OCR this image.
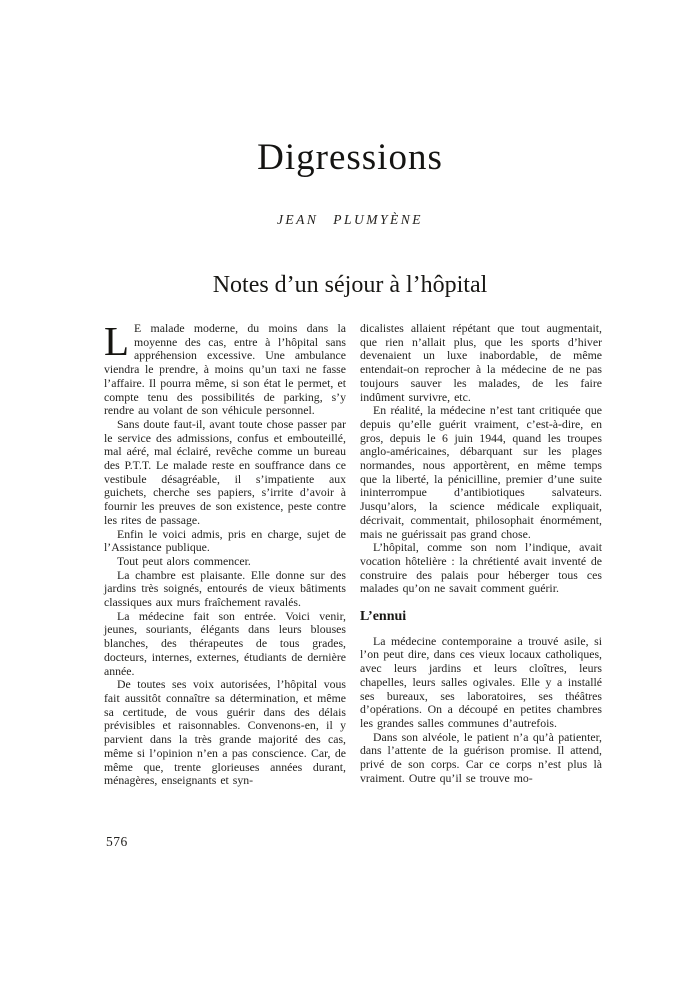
Digressions
JEAN PLUMYÈNE
Notes d’un séjour à l’hôpital

L E malade moderne, du moins dans la moyenne des cas, entre à l’hôpital sans appréhension excessive. Une ambulance viendra le prendre, à moins qu’un taxi ne fasse l’affaire. Il pourra même, si son état le permet, et compte tenu des possibilités de parking, s’y rendre au volant de son véhicule personnel.

Sans doute faut-il, avant toute chose passer par le service des admissions, confus et embouteillé, mal aéré, mal éclairé, revêche comme un bureau des P.T.T. Le malade reste en souffrance dans ce vestibule désagréable, il s’impatiente aux guichets, cherche ses papiers, s’irrite d’avoir à fournir les preuves de son existence, peste contre les rites de passage.

Enfin le voici admis, pris en charge, sujet de l’Assistance publique.

Tout peut alors commencer.

La chambre est plaisante. Elle donne sur des jardins très soignés, entourés de vieux bâtiments classiques aux murs fraîchement ravalés.

La médecine fait son entrée. Voici venir, jeunes, souriants, élégants dans leurs blouses blanches, des thérapeutes de tous grades, docteurs, internes, externes, étudiants de dernière année.

De toutes ses voix autorisées, l’hôpital vous fait aussitôt connaître sa détermination, et même sa certitude, de vous guérir dans des délais prévisibles et raisonnables. Convenons-en, il y parvient dans la très grande majorité des cas, même si l’opinion n’en a pas conscience. Car, de même que, trente glorieuses années durant, ménagères, enseignants et syn-

dicalistes allaient répétant que tout augmentait, que rien n’allait plus, que les sports d’hiver devenaient un luxe inabordable, de même entendait-on reprocher à la médecine de ne pas toujours sauver les malades, de les faire indûment survivre, etc.

En réalité, la médecine n’est tant critiquée que depuis qu’elle guérit vraiment, c’est-à-dire, en gros, depuis le 6 juin 1944, quand les troupes anglo-américaines, débarquant sur les plages normandes, nous apportèrent, en même temps que la liberté, la pénicilline, premier d’une suite ininterrompue d’antibiotiques salvateurs. Jusqu’alors, la science médicale expliquait, décrivait, commentait, philosophait énormément, mais ne guérissait pas grand chose.

L’hôpital, comme son nom l’indique, avait vocation hôtelière : la chrétienté avait inventé de construire des palais pour héberger tous ces malades qu’on ne savait comment guérir.

L’ennui

La médecine contemporaine a trouvé asile, si l’on peut dire, dans ces vieux locaux catholiques, avec leurs jardins et leurs cloîtres, leurs chapelles, leurs salles ogivales. Elle y a installé ses bureaux, ses laboratoires, ses théâtres d’opérations. On a découpé en petites chambres les grandes salles communes d’autrefois.

Dans son alvéole, le patient n’a qu’à patienter, dans l’attente de la guérison promise. Il attend, privé de son corps. Car ce corps n’est plus là vraiment. Outre qu’il se trouve mo-

576
